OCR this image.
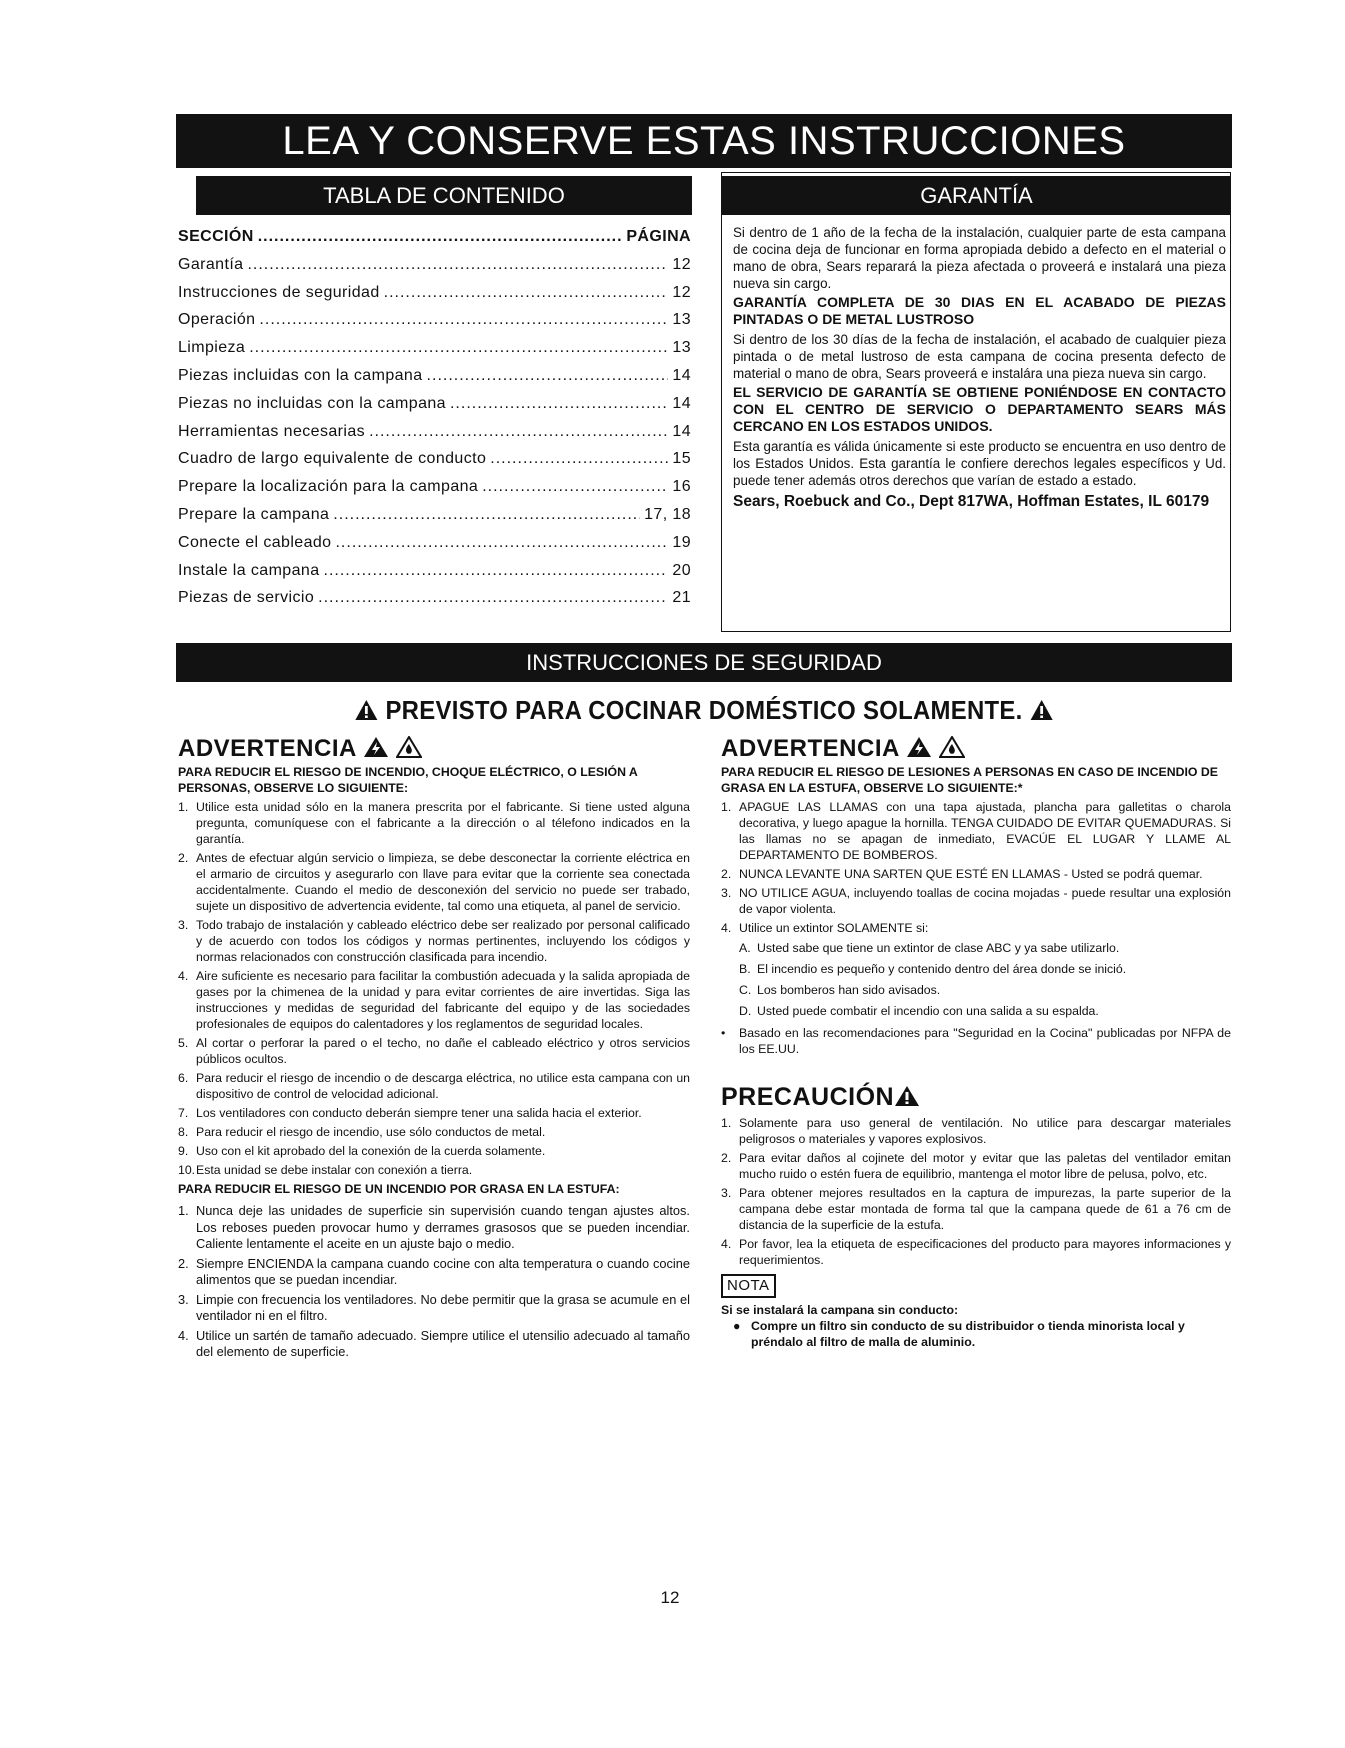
LEA Y CONSERVE ESTAS INSTRUCCIONES
TABLA DE CONTENIDO
SECCIÓN .....	PÁGINA
Garantía .....	12
Instrucciones de seguridad .....	12
Operación .....	13
Limpieza .....	13
Piezas incluidas con la campana .....	14
Piezas no incluidas con la campana .....	14
Herramientas necesarias .....	14
Cuadro de largo equivalente de conducto .....	15
Prepare la localización para la campana .....	16
Prepare la campana .....	17, 18
Conecte el cableado .....	19
Instale la campana .....	20
Piezas de servicio .....	21
GARANTÍA

Si dentro de 1 año de la fecha de la instalación, cualquier parte de esta campana de cocina deja de funcionar en forma apropiada debido a defecto en el material o mano de obra, Sears reparará la pieza afectada o proveerá e instalará una pieza nueva sin cargo.

GARANTÍA COMPLETA DE 30 DIAS EN EL ACABADO DE PIEZAS PINTADAS O DE METAL LUSTROSO

Si dentro de los 30 días de la fecha de instalación, el acabado de cualquier pieza pintada o de metal lustroso de esta campana de cocina presenta defecto de material o mano de obra, Sears proveerá e instalára una pieza nueva sin cargo.

EL SERVICIO DE GARANTÍA SE OBTIENE PONIÉNDOSE EN CONTACTO CON EL CENTRO DE SERVICIO O DEPARTAMENTO SEARS MÁS CERCANO EN LOS ESTADOS UNIDOS.

Esta garantía es válida únicamente si este producto se encuentra en uso dentro de los Estados Unidos. Esta garantía le confiere derechos legales específicos y Ud. puede tener además otros derechos que varían de estado a estado.

Sears, Roebuck and Co., Dept 817WA, Hoffman Estates, IL 60179

INSTRUCCIONES DE SEGURIDAD
PREVISTO PARA COCINAR DOMÉSTICO SOLAMENTE.
ADVERTENCIA

PARA REDUCIR EL RIESGO DE INCENDIO, CHOQUE ELÉCTRICO, O LESIÓN A PERSONAS, OBSERVE LO SIGUIENTE:

1. Utilice esta unidad sólo en la manera prescrita por el fabricante. Si tiene usted alguna pregunta, comuníquese con el fabricante a la dirección o al télefono indicados en la garantía.
2. Antes de efectuar algún servicio o limpieza, se debe desconectar la corriente eléctrica en el armario de circuitos y asegurarlo con llave para evitar que la corriente sea conectada accidentalmente. Cuando el medio de desconexión del servicio no puede ser trabado, sujete un dispositivo de advertencia evidente, tal como una etiqueta, al panel de servicio.
3. Todo trabajo de instalación y cableado eléctrico debe ser realizado por personal calificado y de acuerdo con todos los códigos y normas pertinentes, incluyendo los códigos y normas relacionados con construcción clasificada para incendio.
4. Aire suficiente es necesario para facilitar la combustión adecuada y la salida apropiada de gases por la chimenea de la unidad y para evitar corrientes de aire invertidas. Siga las instrucciones y medidas de seguridad del fabricante del equipo y de las sociedades profesionales de equipos do calentadores y los reglamentos de seguridad locales.
5. Al cortar o perforar la pared o el techo, no dañe el cableado eléctrico y otros servicios públicos ocultos.
6. Para reducir el riesgo de incendio o de descarga eléctrica, no utilice esta campana con un dispositivo de control de velocidad adicional.
7. Los ventiladores con conducto deberán siempre tener una salida hacia el exterior.
8. Para reducir el riesgo de incendio, use sólo conductos de metal.
9. Uso con el kit aprobado del la conexión de la cuerda solamente.
10. Esta unidad se debe instalar con conexión a tierra.

PARA REDUCIR EL RIESGO DE UN INCENDIO POR GRASA EN LA ESTUFA:

1. Nunca deje las unidades de superficie sin supervisión cuando tengan ajustes altos. Los reboses pueden provocar humo y derrames grasosos que se pueden incendiar. Caliente lentamente el aceite en un ajuste bajo o medio.
2. Siempre ENCIENDA la campana cuando cocine con alta temperatura o cuando cocine alimentos que se puedan incendiar.
3. Limpie con frecuencia los ventiladores. No debe permitir que la grasa se acumule en el ventilador ni en el filtro.
4. Utilice un sartén de tamaño adecuado. Siempre utilice el utensilio adecuado al tamaño del elemento de superficie.
ADVERTENCIA

PARA REDUCIR EL RIESGO DE LESIONES A PERSONAS EN CASO DE INCENDIO DE GRASA EN LA ESTUFA, OBSERVE LO SIGUIENTE:*

1. APAGUE LAS LLAMAS con una tapa ajustada, plancha para galletitas o charola decorativa, y luego apague la hornilla. TENGA CUIDADO DE EVITAR QUEMADURAS. Si las llamas no se apagan de inmediato, EVACÚE EL LUGAR Y LLAME AL DEPARTAMENTO DE BOMBEROS.
2. NUNCA LEVANTE UNA SARTEN QUE ESTÉ EN LLAMAS - Usted se podrá quemar.
3. NO UTILICE AGUA, incluyendo toallas de cocina mojadas - puede resultar una explosión de vapor violenta.
4. Utilice un extintor SOLAMENTE si:
A. Usted sabe que tiene un extintor de clase ABC y ya sabe utilizarlo.
B. El incendio es pequeño y contenido dentro del área donde se inició.
C. Los bomberos han sido avisados.
D. Usted puede combatir el incendio con una salida a su espalda.
•	Basado en las recomendaciones para "Seguridad en la Cocina" publicadas por NFPA de los EE.UU.
PRECAUCIÓN
1. Solamente para uso general de ventilación. No utilice para descargar materiales peligrosos o materiales y vapores explosivos.
2. Para evitar daños al cojinete del motor y evitar que las paletas del ventilador emitan mucho ruido o estén fuera de equilibrio, mantenga el motor libre de pelusa, polvo, etc.
3. Para obtener mejores resultados en la captura de impurezas, la parte superior de la campana debe estar montada de forma tal que la campana quede de 61 a 76 cm de distancia de la superficie de la estufa.
4. Por favor, lea la etiqueta de especificaciones del producto para mayores informaciones y requerimientos.
NOTA

Si se instalará la campana sin conducto:

● Compre un filtro sin conducto de su distribuidor o tienda minorista local y préndalo al filtro de malla de aluminio.
12
